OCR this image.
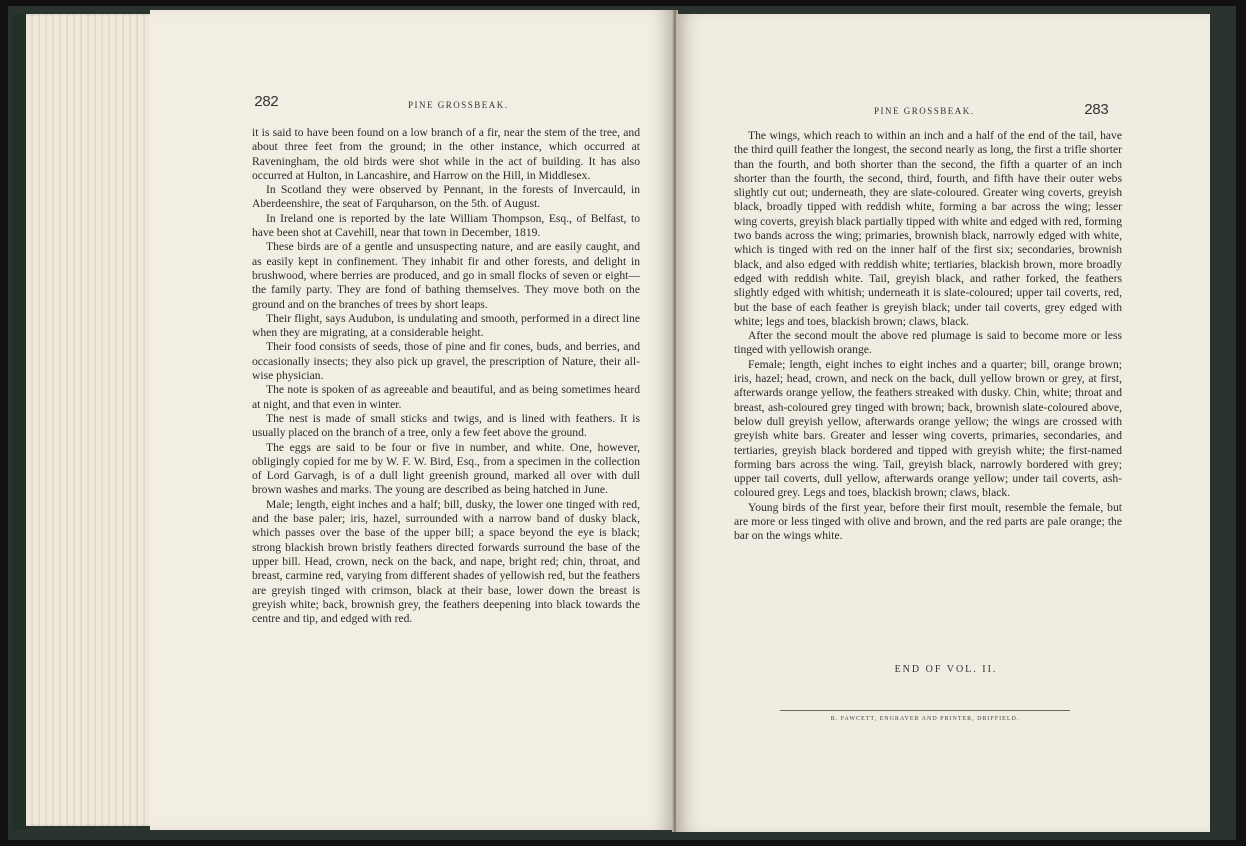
282	PINE GROSSBEAK.

it is said to have been found on a low branch of a fir, near the stem of the tree, and about three feet from the ground; in the other instance, which occurred at Raveningham, the old birds were shot while in the act of building. It has also occurred at Hulton, in Lancashire, and Harrow on the Hill, in Middlesex.

In Scotland they were observed by Pennant, in the forests of Invercauld, in Aberdeenshire, the seat of Farquharson, on the 5th. of August.

In Ireland one is reported by the late William Thompson, Esq., of Belfast, to have been shot at Cavehill, near that town in December, 1819.

These birds are of a gentle and unsuspecting nature, and are easily caught, and as easily kept in confinement. They inhabit fir and other forests, and delight in brushwood, where berries are produced, and go in small flocks of seven or eight—the family party. They are fond of bathing themselves. They move both on the ground and on the branches of trees by short leaps.

Their flight, says Audubon, is undulating and smooth, performed in a direct line when they are migrating, at a considerable height.

Their food consists of seeds, those of pine and fir cones, buds, and berries, and occasionally insects; they also pick up gravel, the prescription of Nature, their all-wise physician.

The note is spoken of as agreeable and beautiful, and as being sometimes heard at night, and that even in winter.

The nest is made of small sticks and twigs, and is lined with feathers. It is usually placed on the branch of a tree, only a few feet above the ground.

The eggs are said to be four or five in number, and white. One, however, obligingly copied for me by W. F. W. Bird, Esq., from a specimen in the collection of Lord Garvagh, is of a dull light greenish ground, marked all over with dull brown washes and marks. The young are described as being hatched in June.

Male; length, eight inches and a half; bill, dusky, the lower one tinged with red, and the base paler; iris, hazel, surrounded with a narrow band of dusky black, which passes over the base of the upper bill; a space beyond the eye is black; strong blackish brown bristly feathers directed forwards surround the base of the upper bill. Head, crown, neck on the back, and nape, bright red; chin, throat, and breast, carmine red, varying from different shades of yellowish red, but the feathers are greyish tinged with crimson, black at their base, lower down the breast is greyish white; back, brownish grey, the feathers deepening into black towards the centre and tip, and edged with red.

PINE GROSSBEAK.	283

The wings, which reach to within an inch and a half of the end of the tail, have the third quill feather the longest, the second nearly as long, the first a trifle shorter than the fourth, and both shorter than the second, the fifth a quarter of an inch shorter than the fourth, the second, third, fourth, and fifth have their outer webs slightly cut out; underneath, they are slate-coloured. Greater wing coverts, greyish black, broadly tipped with reddish white, forming a bar across the wing; lesser wing coverts, greyish black partially tipped with white and edged with red, forming two bands across the wing; primaries, brownish black, narrowly edged with white, which is tinged with red on the inner half of the first six; secondaries, brownish black, and also edged with reddish white; tertiaries, blackish brown, more broadly edged with reddish white. Tail, greyish black, and rather forked, the feathers slightly edged with whitish; underneath it is slate-coloured; upper tail coverts, red, but the base of each feather is greyish black; under tail coverts, grey edged with white; legs and toes, blackish brown; claws, black.

After the second moult the above red plumage is said to become more or less tinged with yellowish orange.

Female; length, eight inches to eight inches and a quarter; bill, orange brown; iris, hazel; head, crown, and neck on the back, dull yellow brown or grey, at first, afterwards orange yellow, the feathers streaked with dusky. Chin, white; throat and breast, ash-coloured grey tinged with brown; back, brownish slate-coloured above, below dull greyish yellow, afterwards orange yellow; the wings are crossed with greyish white bars. Greater and lesser wing coverts, primaries, secondaries, and tertiaries, greyish black bordered and tipped with greyish white; the first-named forming bars across the wing. Tail, greyish black, narrowly bordered with grey; upper tail coverts, dull yellow, afterwards orange yellow; under tail coverts, ash-coloured grey. Legs and toes, blackish brown; claws, black.

Young birds of the first year, before their first moult, resemble the female, but are more or less tinged with olive and brown, and the red parts are pale orange; the bar on the wings white.

END OF VOL. II.
B. FAWCETT, ENGRAVER AND PRINTER, DRIFFIELD.
